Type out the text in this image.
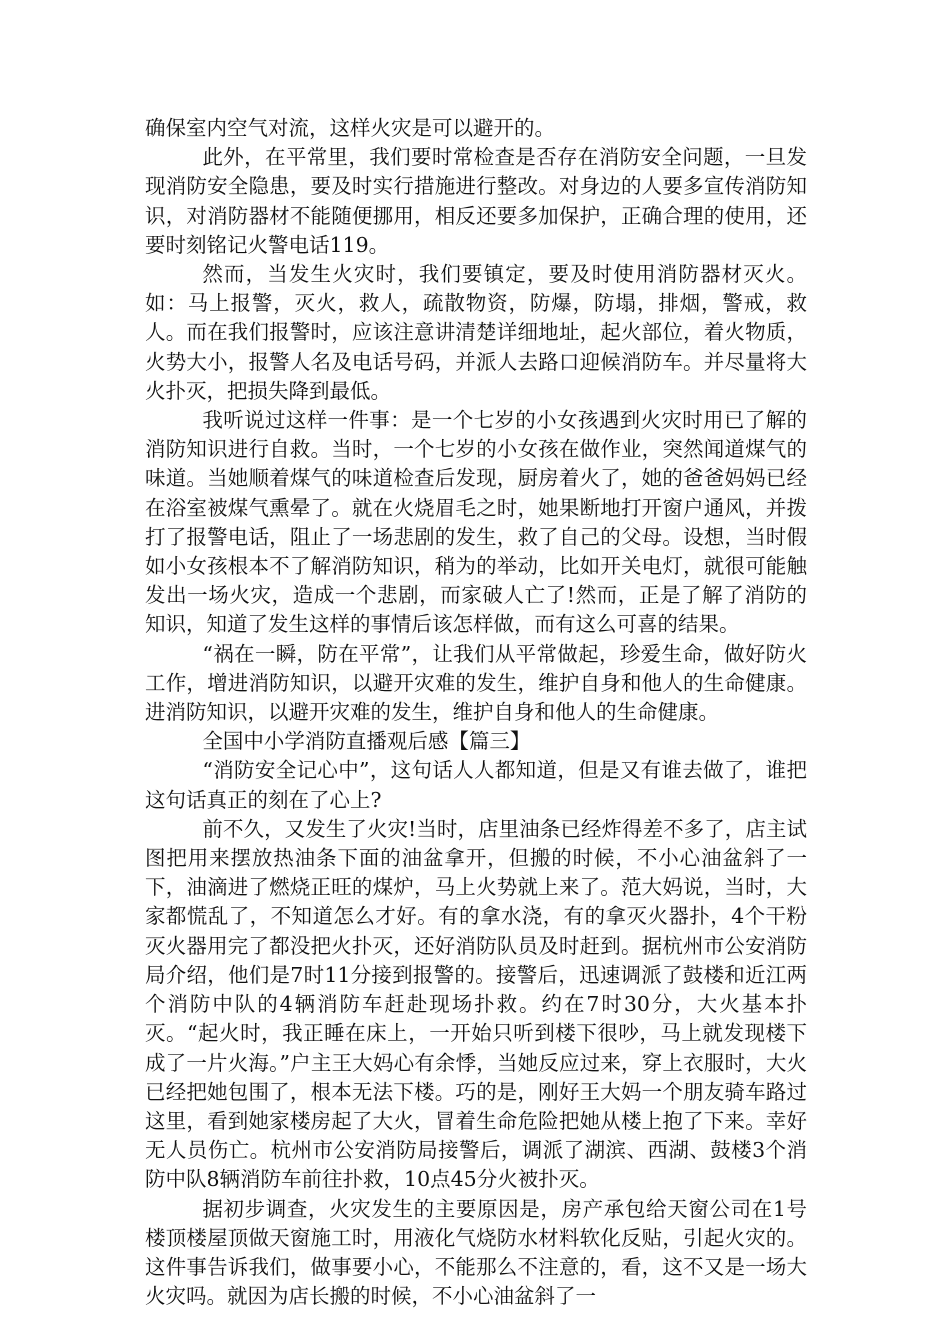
确保室内空气对流，这样火灾是可以避开的。

此外，在平常里，我们要时常检查是否存在消防安全问题，一旦发现消防安全隐患，要及时实行措施进行整改。对身边的人要多宣传消防知识，对消防器材不能随便挪用，相反还要多加保护，正确合理的使用，还要时刻铭记火警电话119。

然而，当发生火灾时，我们要镇定，要及时使用消防器材灭火。如：马上报警，灭火，救人，疏散物资，防爆，防塌，排烟，警戒，救人。而在我们报警时，应该注意讲清楚详细地址，起火部位，着火物质，火势大小，报警人名及电话号码，并派人去路口迎候消防车。并尽量将大火扑灭，把损失降到最低。

我听说过这样一件事：是一个七岁的小女孩遇到火灾时用已了解的消防知识进行自救。当时，一个七岁的小女孩在做作业，突然闻道煤气的味道。当她顺着煤气的味道检查后发现，厨房着火了，她的爸爸妈妈已经在浴室被煤气熏晕了。就在火烧眉毛之时，她果断地打开窗户通风，并拨打了报警电话，阻止了一场悲剧的发生，救了自己的父母。设想，当时假如小女孩根本不了解消防知识，稍为的举动，比如开关电灯，就很可能触发出一场火灾，造成一个悲剧，而家破人亡了!然而，正是了解了消防的知识，知道了发生这样的事情后该怎样做，而有这么可喜的结果。

“祸在一瞬，防在平常”，让我们从平常做起，珍爱生命，做好防火工作，增进消防知识，以避开灾难的发生，维护自身和他人的生命健康。进消防知识，以避开灾难的发生，维护自身和他人的生命健康。

全国中小学消防直播观后感【篇三】

“消防安全记心中”，这句话人人都知道，但是又有谁去做了，谁把这句话真正的刻在了心上?

前不久，又发生了火灾!当时，店里油条已经炸得差不多了，店主试图把用来摆放热油条下面的油盆拿开，但搬的时候，不小心油盆斜了一下，油滴进了燃烧正旺的煤炉，马上火势就上来了。范大妈说，当时，大家都慌乱了，不知道怎么才好。有的拿水浇，有的拿灭火器扑，4个干粉灭火器用完了都没把火扑灭，还好消防队员及时赶到。据杭州市公安消防局介绍，他们是7时11分接到报警的。接警后，迅速调派了鼓楼和近江两个消防中队的4辆消防车赶赴现场扑救。约在7时30分，大火基本扑灭。“起火时，我正睡在床上，一开始只听到楼下很吵，马上就发现楼下成了一片火海。”户主王大妈心有余悸，当她反应过来，穿上衣服时，大火已经把她包围了，根本无法下楼。巧的是，刚好王大妈一个朋友骑车路过这里，看到她家楼房起了大火，冒着生命危险把她从楼上抱了下来。幸好无人员伤亡。杭州市公安消防局接警后，调派了湖滨、西湖、鼓楼3个消防中队8辆消防车前往扑救，10点45分火被扑灭。

据初步调查，火灾发生的主要原因是，房产承包给天窗公司在1号楼顶楼屋顶做天窗施工时，用液化气烧防水材料软化反贴，引起火灾的。这件事告诉我们，做事要小心，不能那么不注意的，看，这不又是一场大火灾吗。就因为店长搬的时候，不小心油盆斜了一
